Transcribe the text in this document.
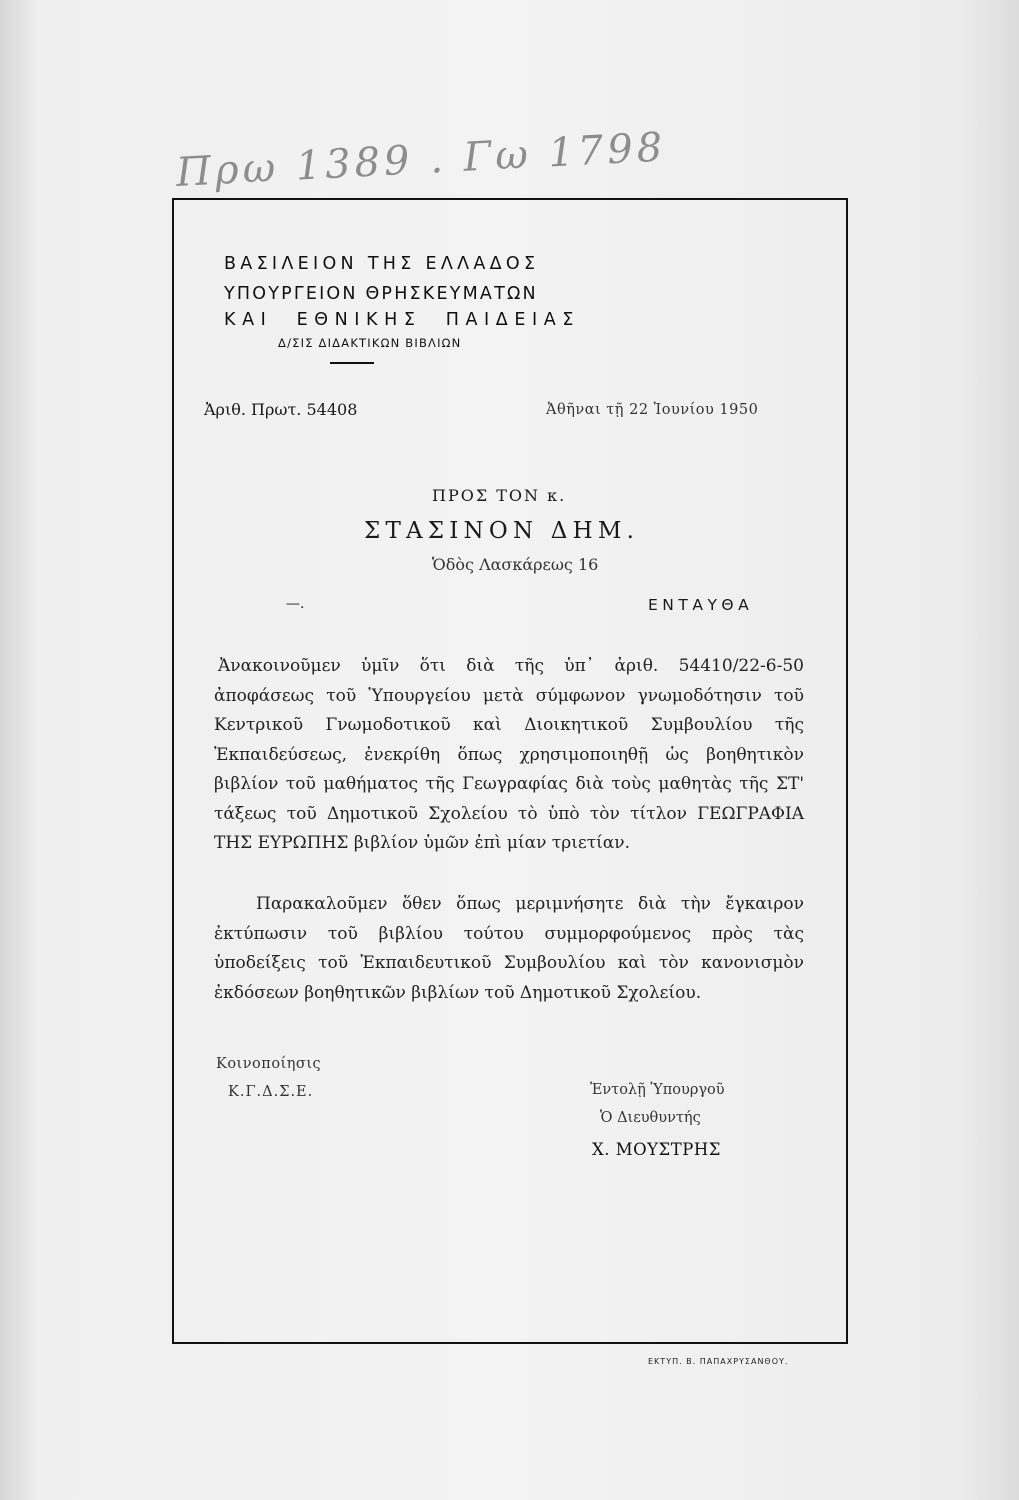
Πρω 1389 . Γω 1798
ΒΑΣΙΛΕΙΟΝ ΤΗΣ ΕΛΛΑΔΟΣ
ΥΠΟΥΡΓΕΙΟΝ ΘΡΗΣΚΕΥΜΑΤΩΝ
ΚΑΙ ΕΘΝΙΚΗΣ ΠΑΙΔΕΙΑΣ
Δ/ΣΙΣ ΔΙΔΑΚΤΙΚΩΝ ΒΙΒΛΙΩΝ
Ἀριθ. Πρωτ. 54408	Ἀθῆναι τῇ 22 Ἰουνίου 1950
ΠΡΟΣ ΤΟΝ κ.
ΣΤΑΣΙΝΟΝ ΔΗΜ.
Ὁδὸς Λασκάρεως 16
—.	ΕΝΤΑΥΘΑ
Ἀνακοινοῦμεν ὑμῖν ὅτι διὰ τῆς ὑπ᾽ ἀριθ. 54410/22-6-50 ἀποφάσεως τοῦ Ὑπουργείου μετὰ σύμφωνον γνωμοδότησιν τοῦ Κεντρικοῦ Γνωμοδοτικοῦ καὶ Διοικητικοῦ Συμβουλίου τῆς Ἐκπαιδεύσεως, ἐνεκρίθη ὅπως χρησιμοποιηθῇ ὡς βοηθητικὸν βιβλίον τοῦ μαθήματος τῆς Γεωγραφίας διὰ τοὺς μαθητὰς τῆς ΣΤ' τάξεως τοῦ Δημοτικοῦ Σχολείου τὸ ὑπὸ τὸν τίτλον ΓΕΩΓΡΑΦΙΑ ΤΗΣ ΕΥΡΩΠΗΣ βιβλίον ὑμῶν ἐπὶ μίαν τριετίαν.
Παρακαλοῦμεν ὅθεν ὅπως μεριμνήσητε διὰ τὴν ἔγκαιρον ἐκτύπωσιν τοῦ βιβλίου τούτου συμμορφούμενος πρὸς τὰς ὑποδείξεις τοῦ Ἐκπαιδευτικοῦ Συμβουλίου καὶ τὸν κανονισμὸν ἐκδόσεων βοηθητικῶν βιβλίων τοῦ Δημοτικοῦ Σχολείου.
Κοινοποίησις
Κ.Γ.Δ.Σ.Ε.	Ἐντολῇ Ὑπουργοῦ
Ὁ Διευθυντής
Χ. ΜΟΥΣΤΡΗΣ
ΕΚΤΥΠ. Β. ΠΑΠΑΧΡΥΣΑΝΘΟΥ.
